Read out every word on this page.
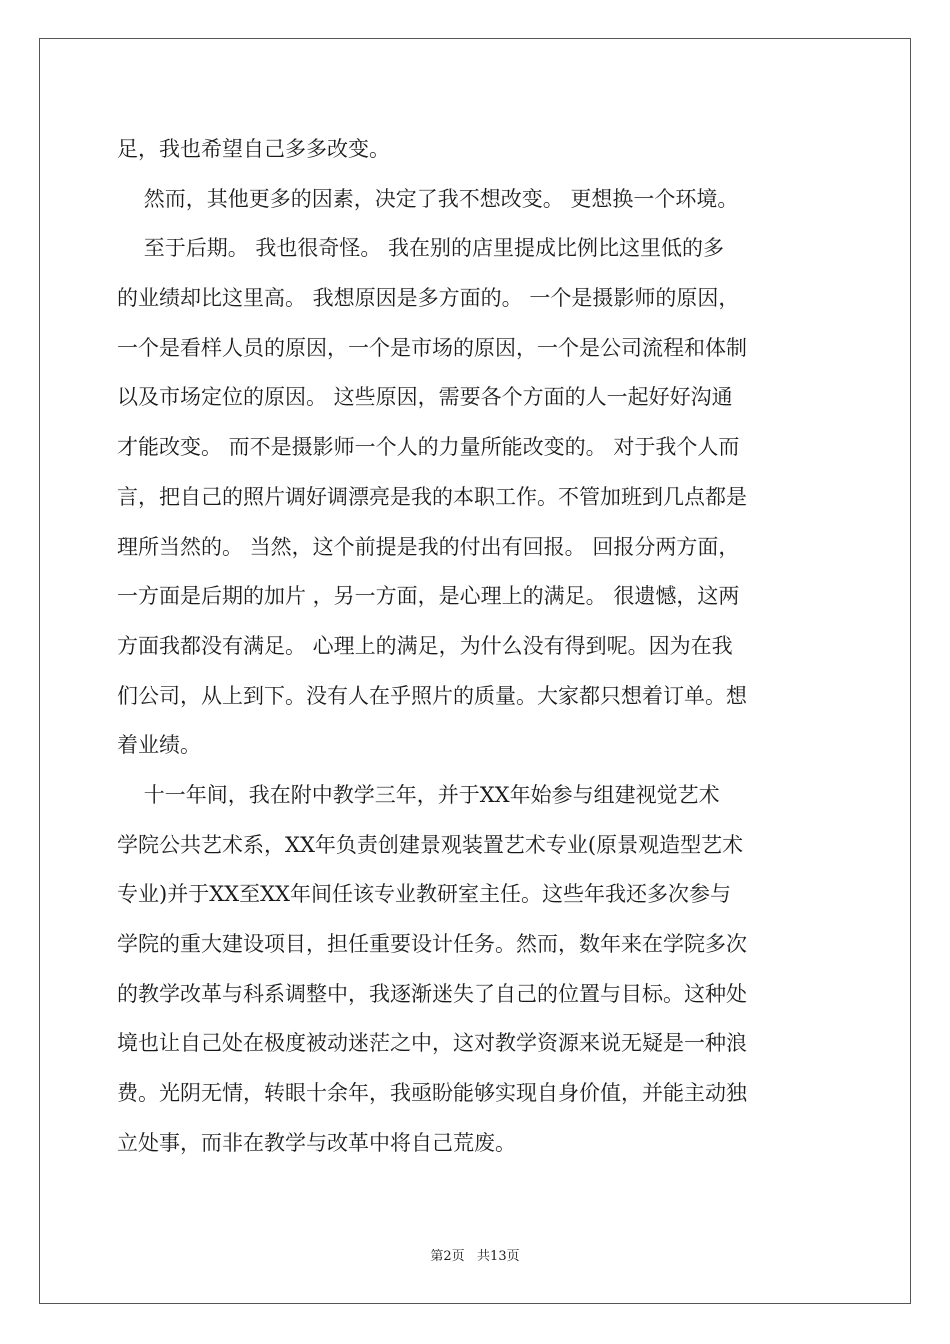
足，我也希望自己多多改变。
然而，其他更多的因素，决定了我不想改变。 更想换一个环境。
至于后期。 我也很奇怪。 我在别的店里提成比例比这里低的多
的业绩却比这里高。 我想原因是多方面的。 一个是摄影师的原因，
一个是看样人员的原因，一个是市场的原因，一个是公司流程和体制
以及市场定位的原因。 这些原因，需要各个方面的人一起好好沟通
才能改变。 而不是摄影师一个人的力量所能改变的。 对于我个人而
言，把自己的照片调好调漂亮是我的本职工作。不管加班到几点都是
理所当然的。 当然，这个前提是我的付出有回报。 回报分两方面，
一方面是后期的加片 ，另一方面，是心理上的满足。 很遗憾，这两
方面我都没有满足。 心理上的满足，为什么没有得到呢。因为在我
们公司，从上到下。没有人在乎照片的质量。大家都只想着订单。想
着业绩。
十一年间，我在附中教学三年，并于XX年始参与组建视觉艺术
学院公共艺术系，XX年负责创建景观装置艺术专业(原景观造型艺术
专业)并于XX至XX年间任该专业教研室主任。这些年我还多次参与
学院的重大建设项目，担任重要设计任务。然而，数年来在学院多次
的教学改革与科系调整中，我逐渐迷失了自己的位置与目标。这种处
境也让自己处在极度被动迷茫之中，这对教学资源来说无疑是一种浪
费。光阴无情，转眼十余年，我亟盼能够实现自身价值，并能主动独
立处事，而非在教学与改革中将自己荒废。
第2页   共13页
